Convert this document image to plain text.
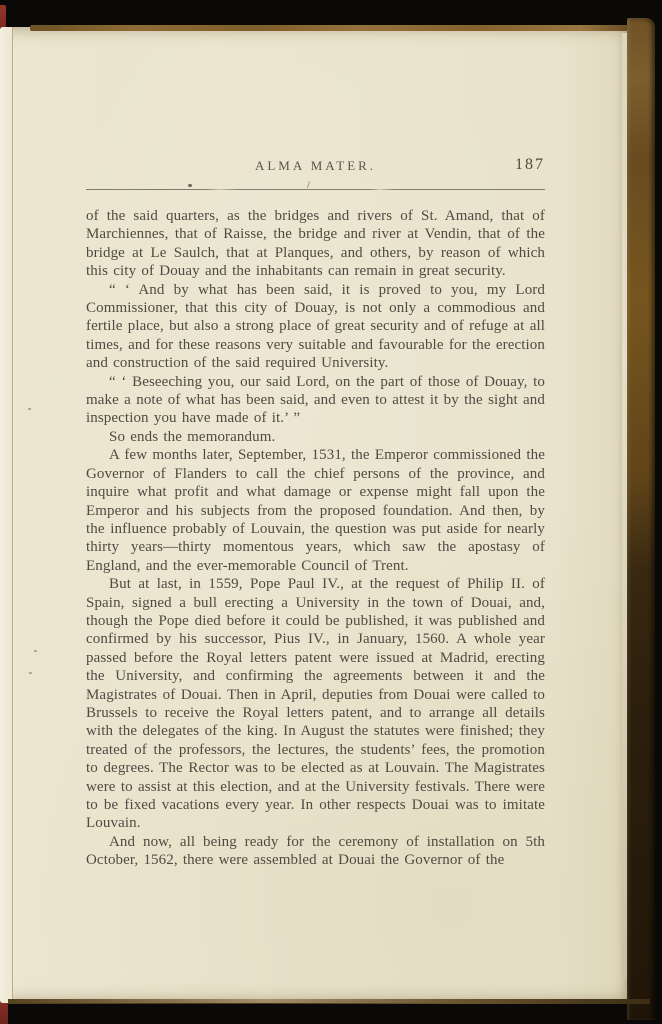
ALMA MATER.	187

of the said quarters, as the bridges and rivers of St. Amand, that of Marchiennes, that of Raisse, the bridge and river at Vendin, that of the bridge at Le Saulch, that at Planques, and others, by reason of which this city of Douay and the inhabitants can remain in great security.

“ ‘ And by what has been said, it is proved to you, my Lord Commissioner, that this city of Douay, is not only a commodious and fertile place, but also a strong place of great security and of refuge at all times, and for these reasons very suitable and favourable for the erection and construction of the said required University.

“ ‘ Beseeching you, our said Lord, on the part of those of Douay, to make a note of what has been said, and even to attest it by the sight and inspection you have made of it.’ ”

So ends the memorandum.

A few months later, September, 1531, the Emperor commissioned the Governor of Flanders to call the chief persons of the province, and inquire what profit and what damage or expense might fall upon the Emperor and his subjects from the proposed foundation. And then, by the influence probably of Louvain, the question was put aside for nearly thirty years—thirty momentous years, which saw the apostasy of England, and the ever-memorable Council of Trent.

But at last, in 1559, Pope Paul IV., at the request of Philip II. of Spain, signed a bull erecting a University in the town of Douai, and, though the Pope died before it could be published, it was published and confirmed by his successor, Pius IV., in January, 1560. A whole year passed before the Royal letters patent were issued at Madrid, erecting the University, and confirming the agreements between it and the Magistrates of Douai. Then in April, deputies from Douai were called to Brussels to receive the Royal letters patent, and to arrange all details with the delegates of the king. In August the statutes were finished; they treated of the professors, the lectures, the students’ fees, the promotion to degrees. The Rector was to be elected as at Louvain. The Magistrates were to assist at this election, and at the University festivals. There were to be fixed vacations every year. In other respects Douai was to imitate Louvain.

And now, all being ready for the ceremony of installation on 5th October, 1562, there were assembled at Douai the Governor of the
